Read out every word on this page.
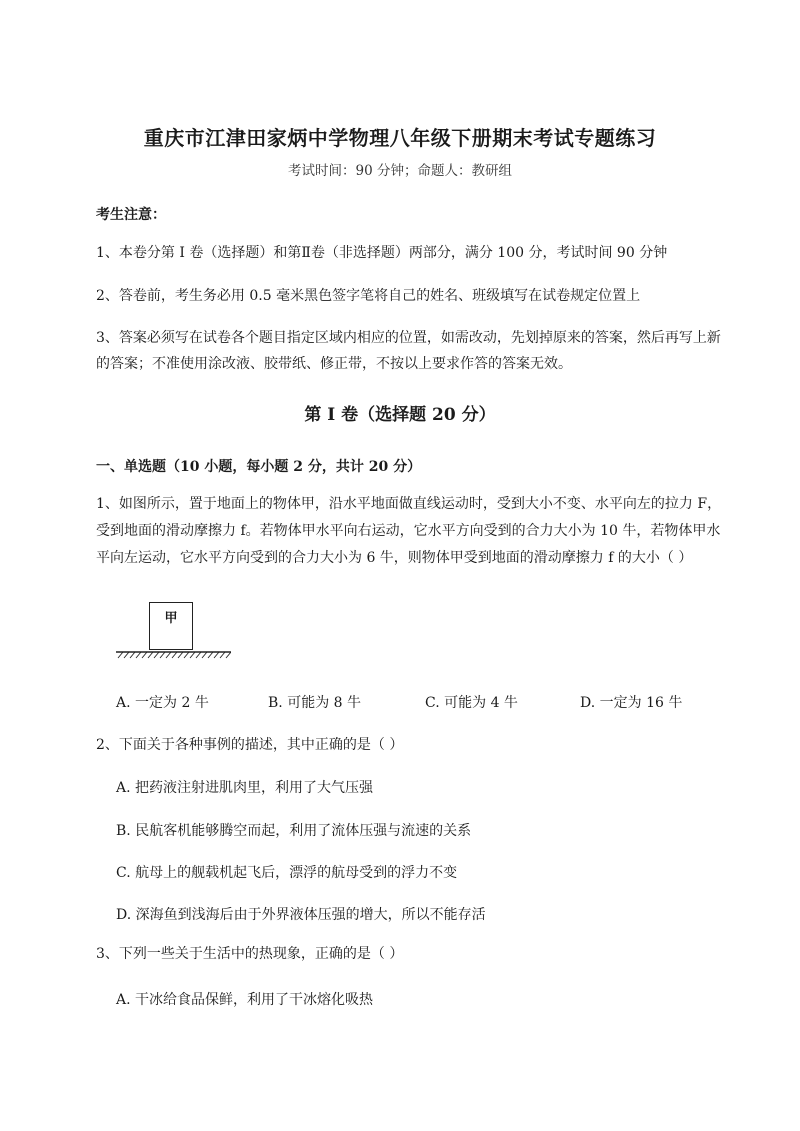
重庆市江津田家炳中学物理八年级下册期末考试专题练习
考试时间：90 分钟；命题人：教研组
考生注意：
1、本卷分第 I 卷（选择题）和第Ⅱ卷（非选择题）两部分，满分 100 分，考试时间 90 分钟
2、答卷前，考生务必用 0.5 毫米黑色签字笔将自己的姓名、班级填写在试卷规定位置上
3、答案必须写在试卷各个题目指定区域内相应的位置，如需改动，先划掉原来的答案，然后再写上新
的答案；不准使用涂改液、胶带纸、修正带，不按以上要求作答的答案无效。
第 I 卷（选择题 20 分）
一、单选题（10 小题，每小题 2 分，共计 20 分）
1、如图所示，置于地面上的物体甲，沿水平地面做直线运动时，受到大小不变、水平向左的拉力 F，
受到地面的滑动摩擦力 f。若物体甲水平向右运动，它水平方向受到的合力大小为 10 牛，若物体甲水
平向左运动，它水平方向受到的合力大小为 6 牛，则物体甲受到地面的滑动摩擦力 f 的大小（ ）
甲
A. 一定为 2 牛	B. 可能为 8 牛	C. 可能为 4 牛	D. 一定为 16 牛
2、下面关于各种事例的描述，其中正确的是（ ）
A. 把药液注射进肌肉里，利用了大气压强
B. 民航客机能够腾空而起，利用了流体压强与流速的关系
C. 航母上的舰载机起飞后，漂浮的航母受到的浮力不变
D. 深海鱼到浅海后由于外界液体压强的增大，所以不能存活
3、下列一些关于生活中的热现象，正确的是（ ）
A. 干冰给食品保鲜，利用了干冰熔化吸热
